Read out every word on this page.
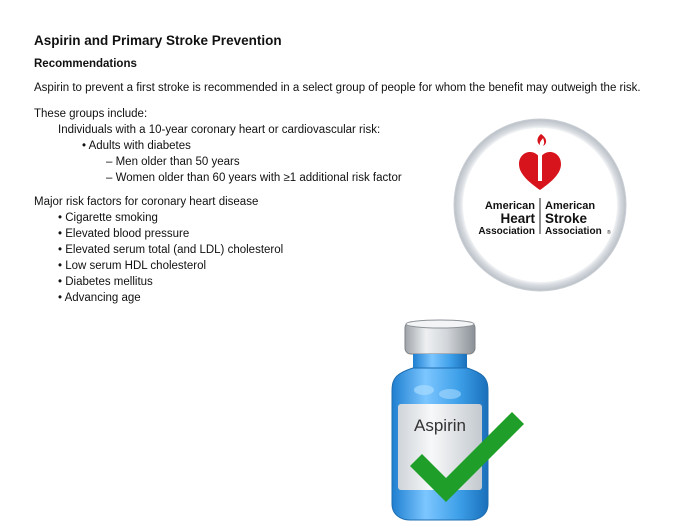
Aspirin and Primary Stroke Prevention
Recommendations
Aspirin to prevent a first stroke is recommended in a select group of people for whom the benefit may outweigh the risk.
These groups include:
Individuals with a 10-year coronary heart or cardiovascular risk:
• Adults with diabetes
– Men older than 50 years
– Women older than 60 years with ≥1 additional risk factor
Major risk factors for coronary heart disease
• Cigarette smoking
• Elevated blood pressure
• Elevated serum total (and LDL) cholesterol
• Low serum HDL cholesterol
• Diabetes mellitus
• Advancing age
American
Heart
Association
American
Stroke
Association ®
Aspirin
